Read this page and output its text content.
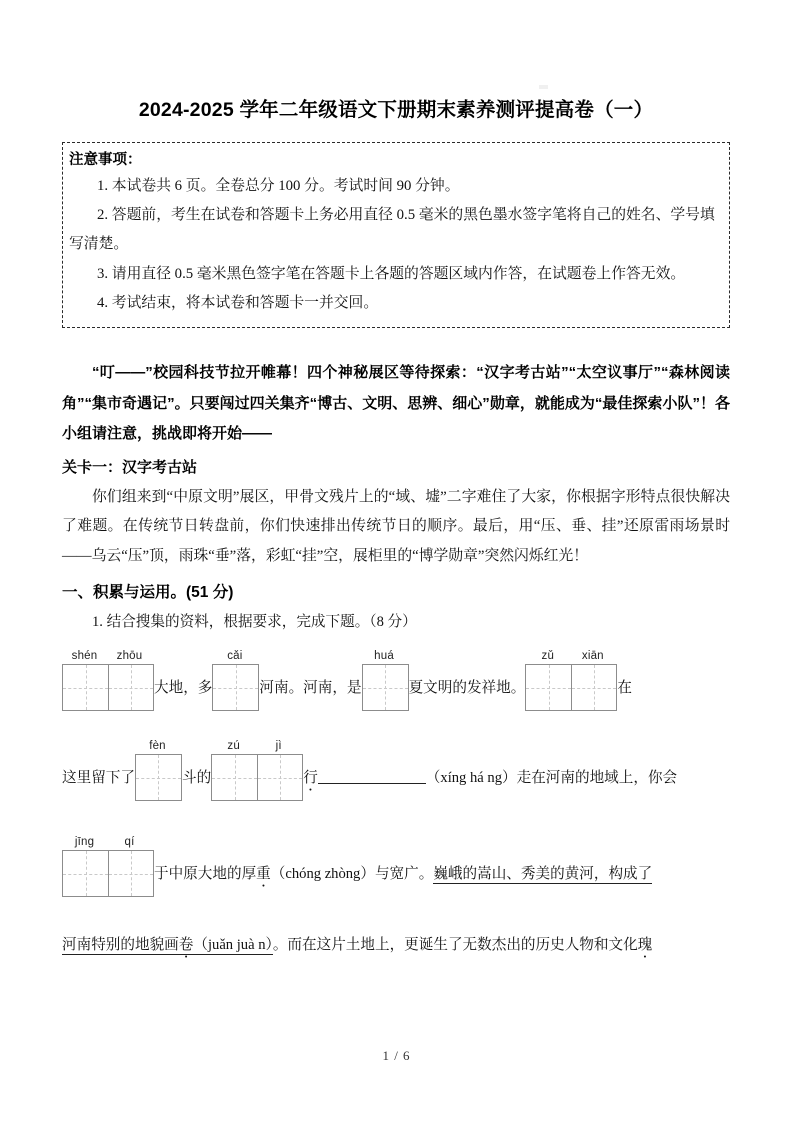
2024-2025 学年二年级语文下册期末素养测评提高卷（一）
注意事项：
1. 本试卷共 6 页。全卷总分 100 分。考试时间 90 分钟。
2. 答题前，考生在试卷和答题卡上务必用直径 0.5 毫米的黑色墨水签字笔将自己的姓名、学号填写清楚。
3. 请用直径 0.5 毫米黑色签字笔在答题卡上各题的答题区域内作答，在试题卷上作答无效。
4. 考试结束，将本试卷和答题卡一并交回。
“叮——”校园科技节拉开帷幕！四个神秘展区等待探索：“汉字考古站”“太空议事厅”“森林阅读角”“集市奇遇记”。只要闯过四关集齐“博古、文明、思辨、细心”勋章，就能成为“最佳探索小队”！各小组请注意，挑战即将开始——
关卡一：汉字考古站
你们组来到“中原文明”展区，甲骨文残片上的“域、墟”二字难住了大家，你根据字形特点很快解决了难题。在传统节日转盘前，你们快速排出传统节日的顺序。最后，用“压、垂、挂”还原雷雨场景时——乌云“压”顶，雨珠“垂”落，彩虹“挂”空，展柜里的“博学勋章”突然闪烁红光！
一、积累与运用。(51 分)
1. 结合搜集的资料，根据要求，完成下题。（8 分）
shén	zhōu
大地，多
cǎi
河南。河南，是
huá
夏文明的发祥地。
zǔ	xiān
在
这里留下了
fèn
斗的
zú	jì
行	（xíng há ng）走在河南的地域上，你会
jīng	qí
于中原大地的厚 重 （chóng zhòng）与宽广。 巍峨的嵩山、秀美的黄河，构成了
河南特别的地貌画卷（juǎn juà n）。而在这片土地上，更诞生了无数杰出的历史人物和文化瑰
1 / 6
